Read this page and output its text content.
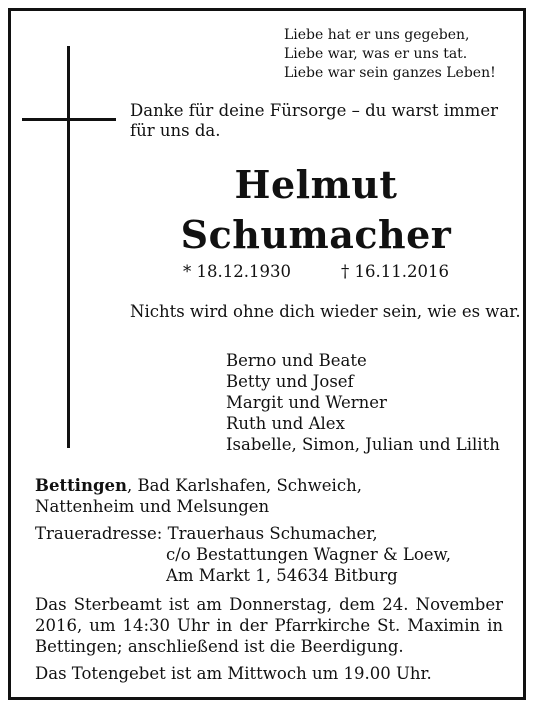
Liebe hat er uns gegeben,
Liebe war, was er uns tat.
Liebe war sein ganzes Leben!
Danke für deine Fürsorge – du warst immer für uns da.
Helmut
Schumacher
* 18.12.1930	† 16.11.2016
Nichts wird ohne dich wieder sein, wie es war.
Berno und Beate
Betty und Josef
Margit und Werner
Ruth und Alex
Isabelle, Simon, Julian und Lilith
Bettingen, Bad Karlshafen, Schweich,
Nattenheim und Melsungen
Traueradresse: Trauerhaus Schumacher,
c/o Bestattungen Wagner & Loew,
Am Markt 1, 54634 Bitburg
Das Sterbeamt ist am Donnerstag, dem 24. November 2016, um 14:30 Uhr in der Pfarrkirche St. Maximin in Bettingen; anschließend ist die Beerdigung.
Das Totengebet ist am Mittwoch um 19.00 Uhr.
